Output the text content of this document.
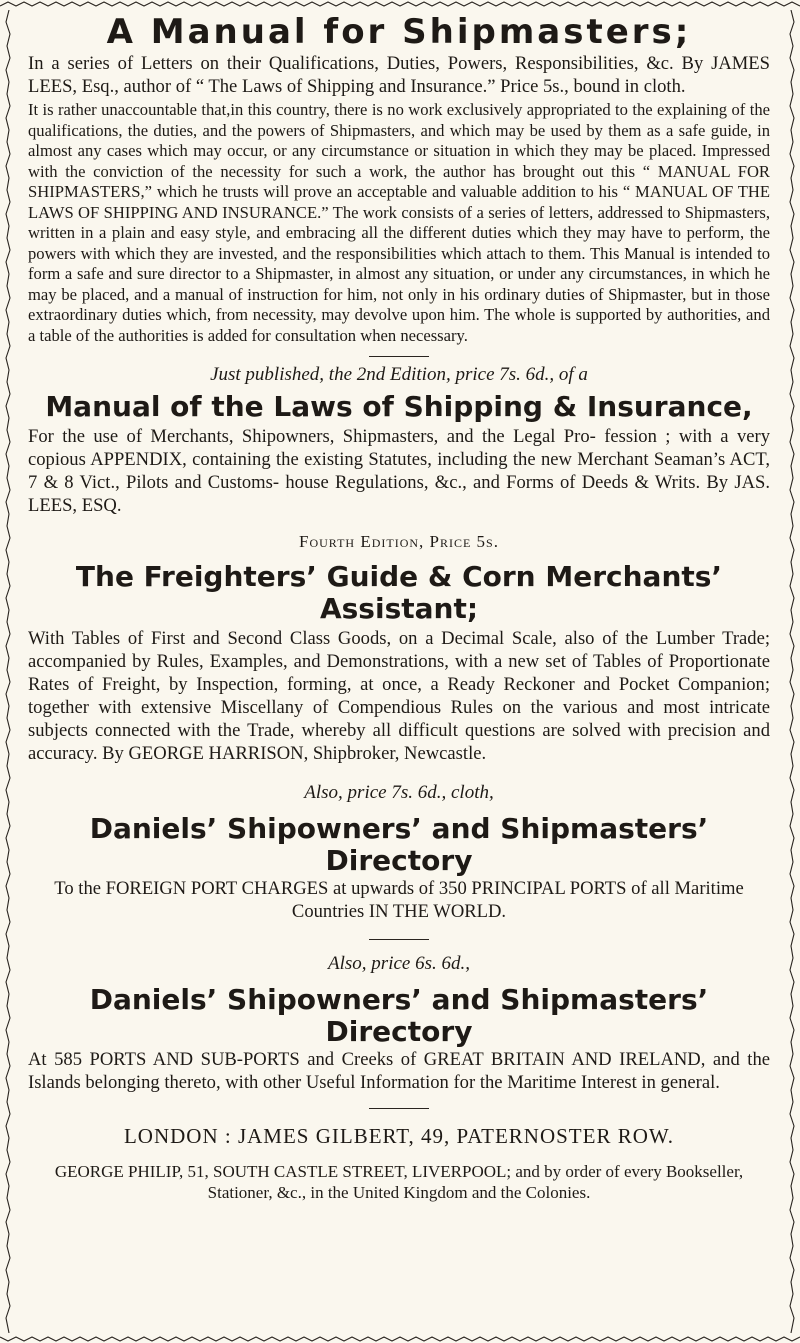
A Manual for Shipmasters;

In a series of Letters on their Qualifications, Duties, Powers, Responsibilities, &c. By JAMES LEES, Esq., author of “ The Laws of Shipping and Insurance.” Price 5s., bound in cloth.

It is rather unaccountable that,in this country, there is no work exclusively appropriated to the explaining of the qualifications, the duties, and the powers of Shipmasters, and which may be used by them as a safe guide, in almost any cases which may occur, or any circumstance or situation in which they may be placed. Impressed with the conviction of the necessity for such a work, the author has brought out this “ MANUAL FOR SHIPMASTERS,” which he trusts will prove an acceptable and valuable addition to his “ MANUAL OF THE LAWS OF SHIPPING AND INSURANCE.” The work consists of a series of letters, addressed to Shipmasters, written in a plain and easy style, and embracing all the different duties which they may have to perform, the powers with which they are invested, and the responsibilities which attach to them. This Manual is intended to form a safe and sure director to a Shipmaster, in almost any situation, or under any circumstances, in which he may be placed, and a manual of instruction for him, not only in his ordinary duties of Shipmaster, but in those extraordinary duties which, from necessity, may devolve upon him. The whole is supported by authorities, and a table of the authorities is added for consultation when necessary.

Just published, the 2nd Edition, price 7s. 6d., of a

Manual of the Laws of Shipping & Insurance,

For the use of Merchants, Shipowners, Shipmasters, and the Legal Pro- fession ; with a very copious APPENDIX, containing the existing Statutes, including the new Merchant Seaman’s ACT, 7 & 8 Vict., Pilots and Customs- house Regulations, &c., and Forms of Deeds & Writs. By JAS. LEES, ESQ.

Fourth Edition, Price 5s.

The Freighters’ Guide & Corn Merchants’
Assistant;

With Tables of First and Second Class Goods, on a Decimal Scale, also of the Lumber Trade; accompanied by Rules, Examples, and Demonstrations, with a new set of Tables of Proportionate Rates of Freight, by Inspection, forming, at once, a Ready Reckoner and Pocket Companion; together with extensive Miscellany of Compendious Rules on the various and most intricate subjects connected with the Trade, whereby all difficult questions are solved with precision and accuracy. By GEORGE HARRISON, Shipbroker, Newcastle.

Also, price 7s. 6d., cloth,

Daniels’ Shipowners’ and Shipmasters’
Directory

To the FOREIGN PORT CHARGES at upwards of 350 PRINCIPAL PORTS of all Maritime Countries IN THE WORLD.

Also, price 6s. 6d.,

Daniels’ Shipowners’ and Shipmasters’
Directory

At 585 PORTS AND SUB-PORTS and Creeks of GREAT BRITAIN AND IRELAND, and the Islands belonging thereto, with other Useful Information for the Maritime Interest in general.

LONDON : JAMES GILBERT, 49, PATERNOSTER ROW.

GEORGE PHILIP, 51, SOUTH CASTLE STREET, LIVERPOOL; and by order of every Bookseller, Stationer, &c., in the United Kingdom and the Colonies.
